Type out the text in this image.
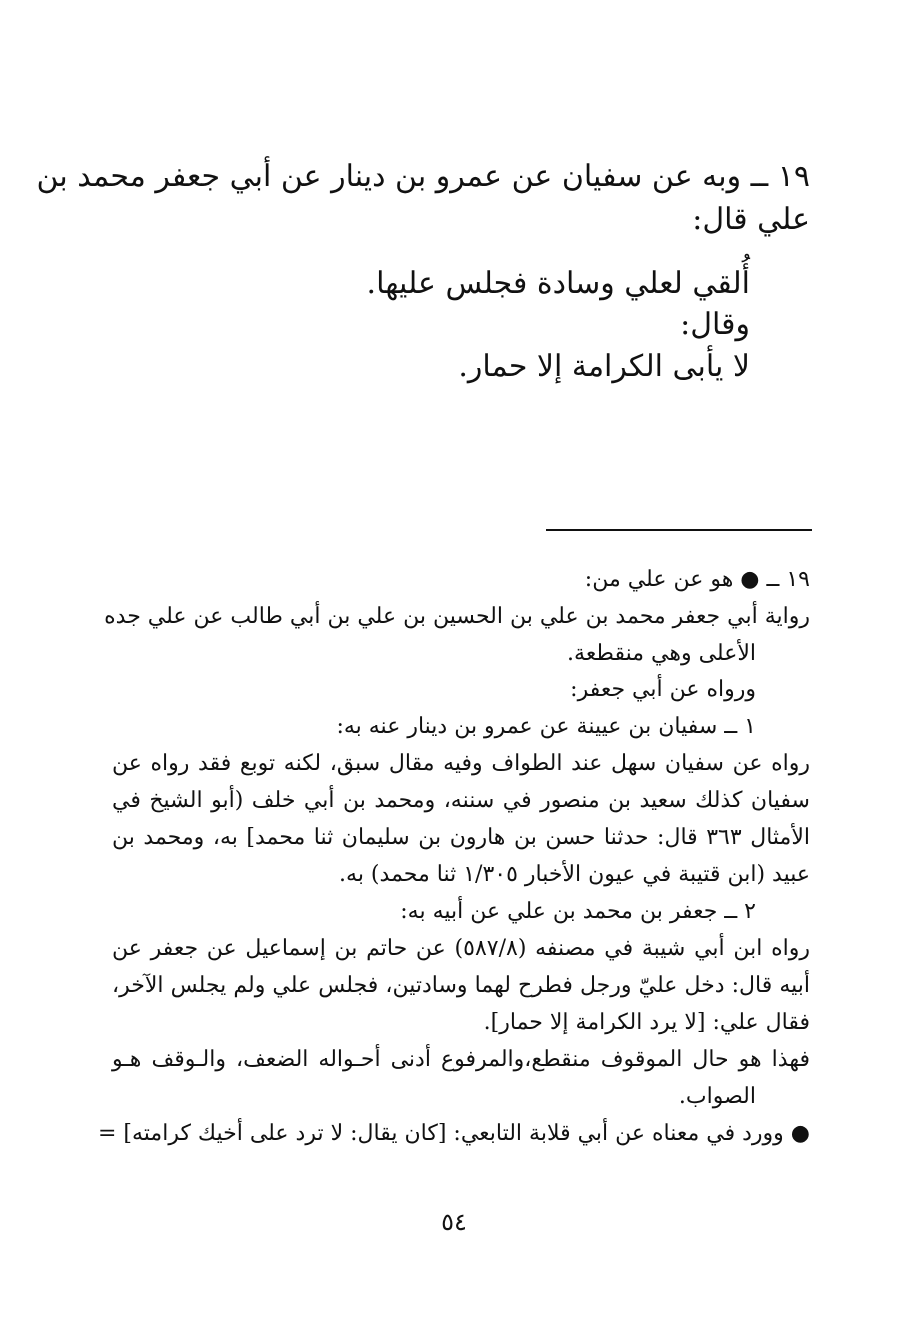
١٩ ــ وبه عن سفيان عن عمرو بن دينار عن أبي جعفر محمد بن
علي قال:
أُلقي لعلي وسادة فجلس عليها.
وقال:
لا يأبى الكرامة إلا حمار.
١٩ ــ ● هو عن علي من:
رواية أبي جعفر محمد بن علي بن الحسين بن علي بن أبي طالب عن علي جده
الأعلى وهي منقطعة.
ورواه عن أبي جعفر:
١ ــ سفيان بن عيينة عن عمرو بن دينار عنه به:
رواه عن سفيان سهل عند الطواف وفيه مقال سبق، لكنه توبع فقد رواه عن
سفيان كذلك سعيد بن منصور في سننه، ومحمد بن أبي خلف (أبو الشيخ في
الأمثال ٣٦٣ قال: حدثنا حسن بن هارون بن سليمان ثنا محمد] به، ومحمد بن
عبيد (ابن قتيبة في عيون الأخبار ١/٣٠٥ ثنا محمد) به.
٢ ــ جعفر بن محمد بن علي عن أبيه به:
رواه ابن أبي شيبة في مصنفه (٥٨٧/٨) عن حاتم بن إسماعيل عن جعفر عن
أبيه قال: دخل عليّ ورجل فطرح لهما وسادتين، فجلس علي ولم يجلس الآخر،
فقال علي: [لا يرد الكرامة إلا حمار].
فهذا هو حال الموقوف منقطع،والمرفوع أدنى أحـواله الضعف، والـوقف هـو
الصواب.
● وورد في معناه عن أبي قلابة التابعي: [كان يقال: لا ترد على أخيك كرامته] =
٥٤
